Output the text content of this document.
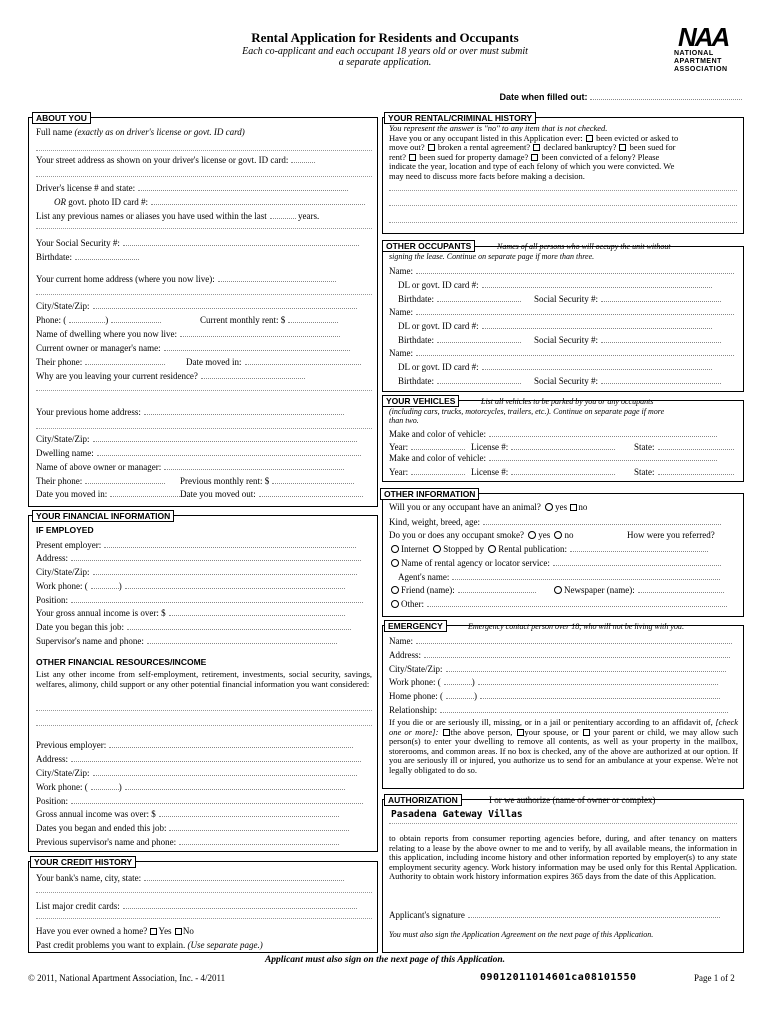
Rental Application for Residents and Occupants
Each co-applicant and each occupant 18 years old or over must submit
a separate application.
NAA
NATIONAL
APARTMENT
ASSOCIATION
Date when filled out:
ABOUT YOU
Full name (exactly as on driver's license or govt. ID card)
Your street address as shown on your driver's license or govt. ID card:
Driver's license # and state:
OR govt. photo ID card #:
List any previous names or aliases you have used within the last	years.
Your Social Security #:
Birthdate:
Your current home address (where you now live):
City/State/Zip:
Phone: (	)	Current monthly rent: $
Name of dwelling where you now live:
Current owner or manager's name:
Their phone:	Date moved in:
Why are you leaving your current residence?
Your previous home address:
City/State/Zip:
Dwelling name:
Name of above owner or manager:
Their phone:	Previous monthly rent: $
Date you moved in:	Date you moved out:
YOUR FINANCIAL INFORMATION
IF EMPLOYED
Present employer:
Address:
City/State/Zip:
Work phone: (	)
Position:
Your gross annual income is over: $
Date you began this job:
Supervisor's name and phone:
OTHER FINANCIAL RESOURCES/INCOME
List any other income from self-employment, retirement, investments, social security, savings, welfares, alimony, child support or any other potential financial information you want considered:
Previous employer:
Address:
City/State/Zip:
Work phone: (	)
Position:
Gross annual income was over: $
Dates you began and ended this job:
Previous supervisor's name and phone:
YOUR CREDIT HISTORY
Your bank's name, city, state:
List major credit cards:
Have you ever owned a home? Yes No
Past credit problems you want to explain. (Use separate page.)
YOUR RENTAL/CRIMINAL HISTORY
You represent the answer is "no" to any item that is not checked.
Have you or any occupant listed in this Application ever: been evicted or asked to
move out? broken a rental agreement? declared bankruptcy? been sued for
rent? been sued for property damage? been convicted of a felony? Please
indicate the year, location and type of each felony of which you were convicted. We
may need to discuss more facts before making a decision.
OTHER OCCUPANTS	Names of all persons who will occupy the unit without
signing the lease. Continue on separate page if more than three.
Name:
DL or govt. ID card #:
Birthdate:	Social Security #:
Name:
DL or govt. ID card #:
Birthdate:	Social Security #:
Name:
DL or govt. ID card #:
Birthdate:	Social Security #:
YOUR VEHICLES	List all vehicles to be parked by you or any occupants
(including cars, trucks, motorcycles, trailers, etc.). Continue on separate page if more
than two.
Make and color of vehicle:
Year:	License #:	State:
Make and color of vehicle:
Year:	License #:	State:
OTHER INFORMATION
Will you or any occupant have an animal? yes no
Kind, weight, breed, age:
Do you or does any occupant smoke? yes no	How were you referred?
Internet Stopped by Rental publication:
Name of rental agency or locator service:
Agent's name:
Friend (name):	Newspaper (name):
Other:
EMERGENCY	Emergency contact person over 18, who will not be living with you:
Name:
Address:
City/State/Zip:
Work phone: (	)
Home phone: (	)
Relationship:
If you die or are seriously ill, missing, or in a jail or penitentiary according to an affidavit of, [check one or more]: the above person, your spouse, or your parent or child, we may allow such person(s) to enter your dwelling to remove all contents, as well as your property in the mailbox, storerooms, and common areas. If no box is checked, any of the above are authorized at our option. If you are seriously ill or injured, you authorize us to send for an ambulance at your expense. We're not legally obligated to do so.
AUTHORIZATION	I or we authorize (name of owner or complex)
Pasadena Gateway Villas
to obtain reports from consumer reporting agencies before, during, and after tenancy on matters relating to a lease by the above owner to me and to verify, by all available means, the information in this application, including income history and other information reported by employer(s) to any state employment security agency. Work history information may be used only for this Rental Application. Authority to obtain work history information expires 365 days from the date of this Application.
Applicant's signature
You must also sign the Application Agreement on the next page of this Application.
Applicant must also sign on the next page of this Application.
© 2011, National Apartment Association, Inc. - 4/2011	09012011014601ca08101550	Page 1 of 2
